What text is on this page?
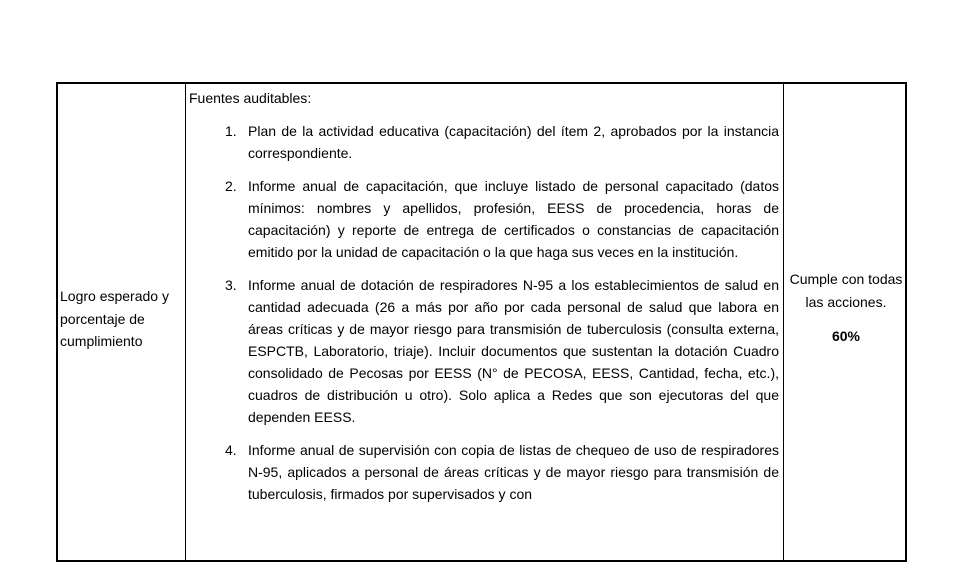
Logro esperado y porcentaje de cumplimiento
Fuentes auditables:
1. Plan de la actividad educativa (capacitación) del ítem 2, aprobados por la instancia correspondiente.
2. Informe anual de capacitación, que incluye listado de personal capacitado (datos mínimos: nombres y apellidos, profesión, EESS de procedencia, horas de capacitación) y reporte de entrega de certificados o constancias de capacitación emitido por la unidad de capacitación o la que haga sus veces en la institución.
3. Informe anual de dotación de respiradores N-95 a los establecimientos de salud en cantidad adecuada (26 a más por año por cada personal de salud que labora en áreas críticas y de mayor riesgo para transmisión de tuberculosis (consulta externa, ESPCTB, Laboratorio, triaje). Incluir documentos que sustentan la dotación Cuadro consolidado de Pecosas por EESS (N° de PECOSA, EESS, Cantidad, fecha, etc.), cuadros de distribución u otro). Solo aplica a Redes que son ejecutoras del que dependen EESS.
4. Informe anual de supervisión con copia de listas de chequeo de uso de respiradores N-95, aplicados a personal de áreas críticas y de mayor riesgo para transmisión de tuberculosis, firmados por supervisados y con
Cumple con todas las acciones.
60%
